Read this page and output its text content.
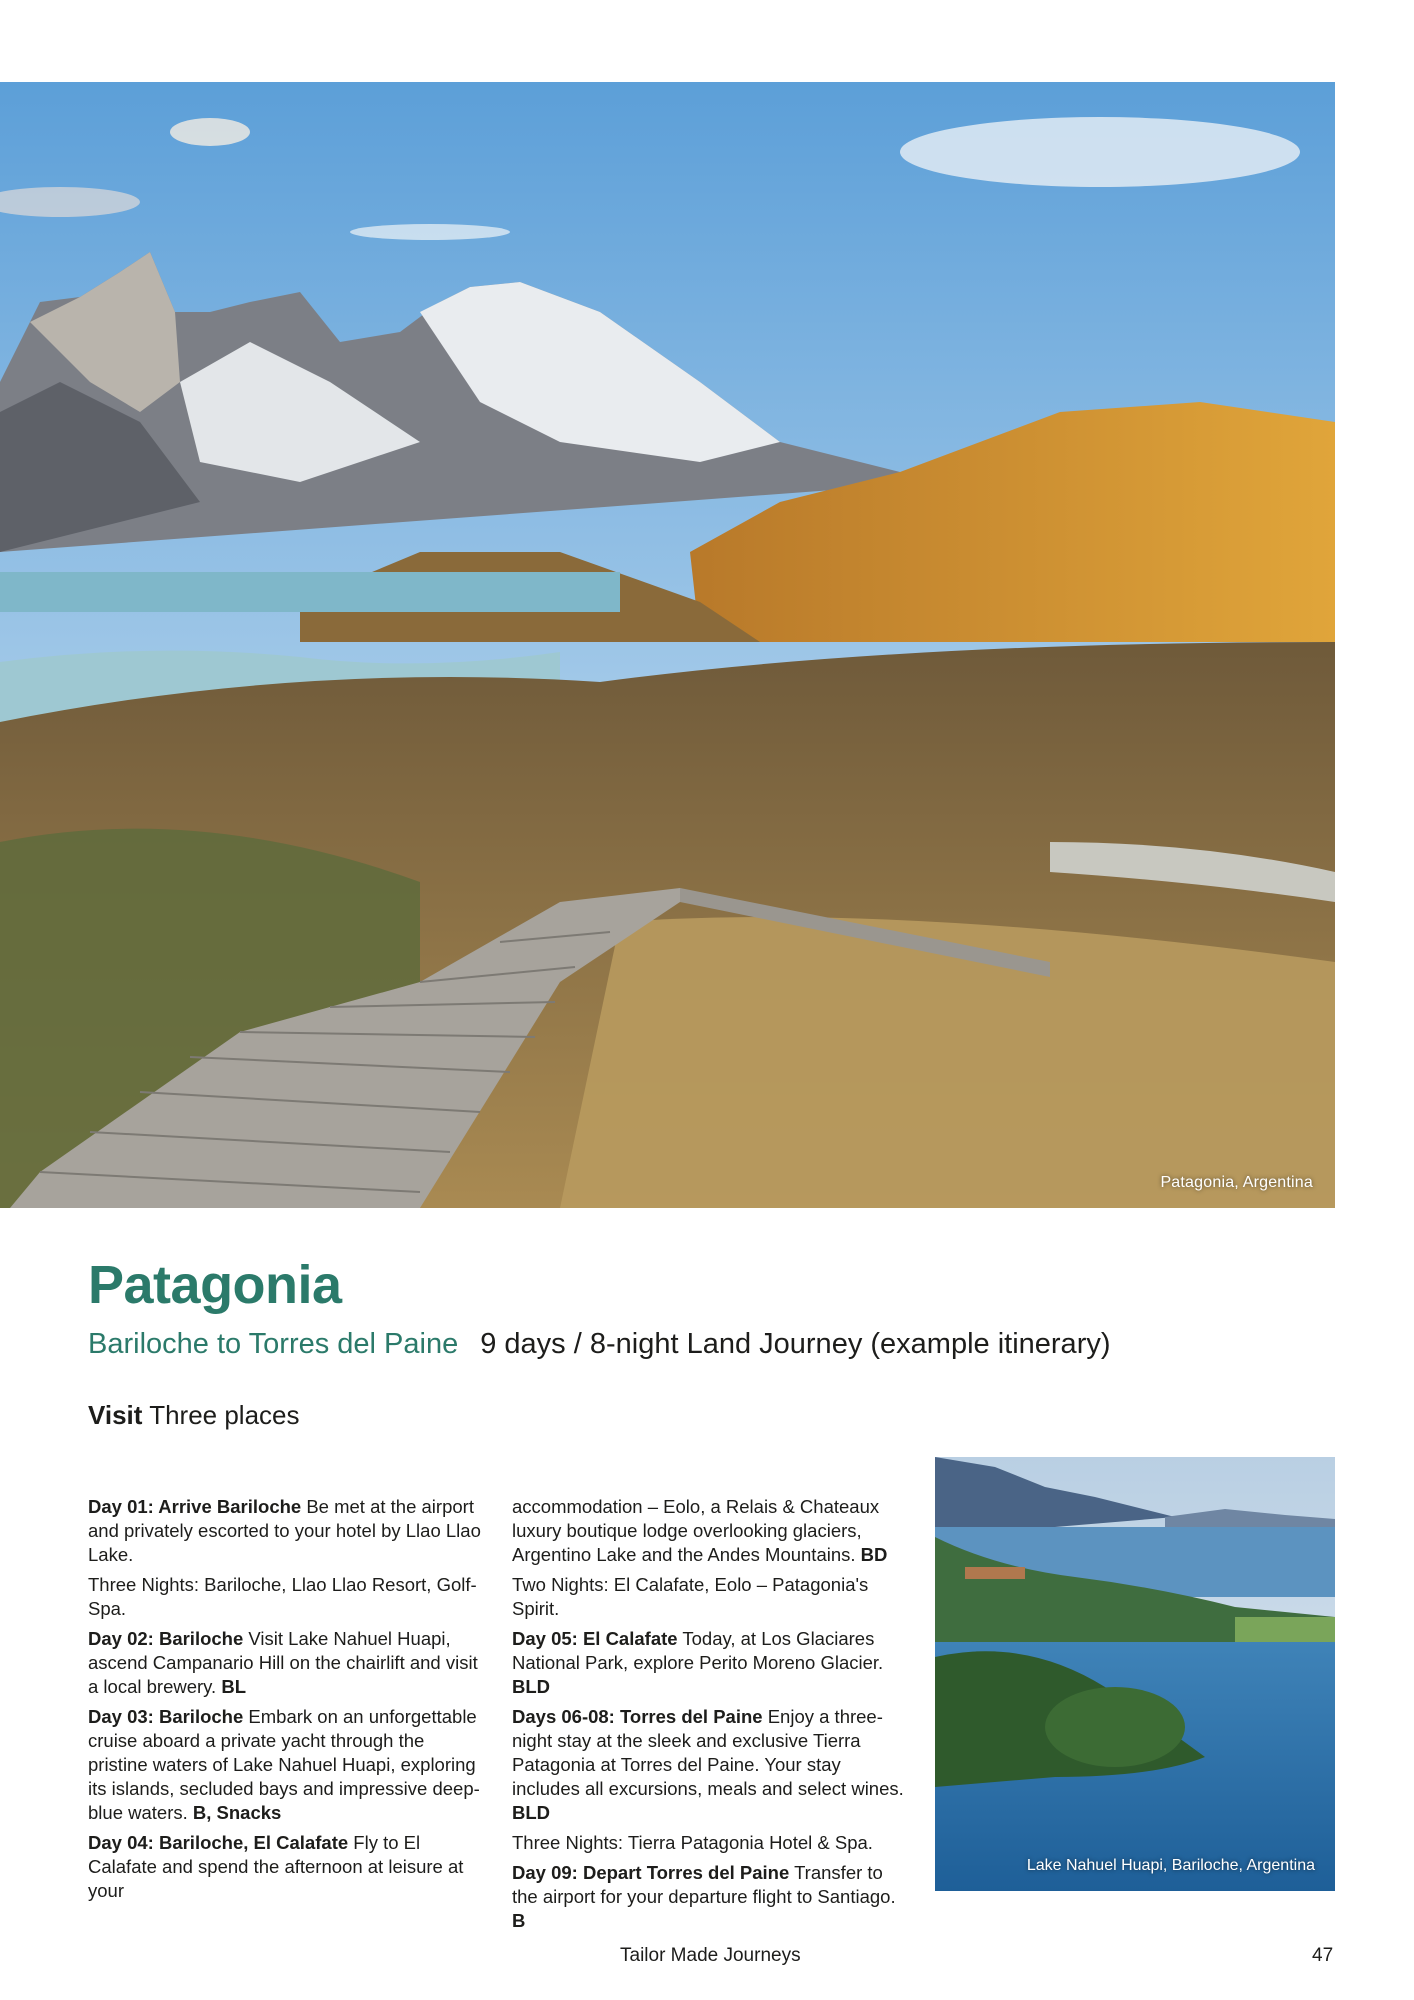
Patagonia, Argentina
Patagonia
Bariloche to Torres del Paine 9 days / 8-night Land Journey (example itinerary)
Visit Three places

Day 01: Arrive Bariloche Be met at the airport and privately escorted to your hotel by Llao Llao Lake.

Three Nights: Bariloche, Llao Llao Resort, Golf-Spa.

Day 02: Bariloche Visit Lake Nahuel Huapi, ascend Campanario Hill on the chairlift and visit a local brewery. BL

Day 03: Bariloche Embark on an unforgettable cruise aboard a private yacht through the pristine waters of Lake Nahuel Huapi, exploring its islands, secluded bays and impressive deep-blue waters. B, Snacks

Day 04: Bariloche, El Calafate Fly to El Calafate and spend the afternoon at leisure at your

accommodation – Eolo, a Relais & Chateaux luxury boutique lodge overlooking glaciers, Argentino Lake and the Andes Mountains. BD

Two Nights: El Calafate, Eolo – Patagonia's Spirit.

Day 05: El Calafate Today, at Los Glaciares National Park, explore Perito Moreno Glacier. BLD

Days 06-08: Torres del Paine Enjoy a three-night stay at the sleek and exclusive Tierra Patagonia at Torres del Paine. Your stay includes all excursions, meals and select wines. BLD

Three Nights: Tierra Patagonia Hotel & Spa.

Day 09: Depart Torres del Paine Transfer to the airport for your departure flight to Santiago. B

Lake Nahuel Huapi, Bariloche, Argentina
Tailor Made Journeys	47
